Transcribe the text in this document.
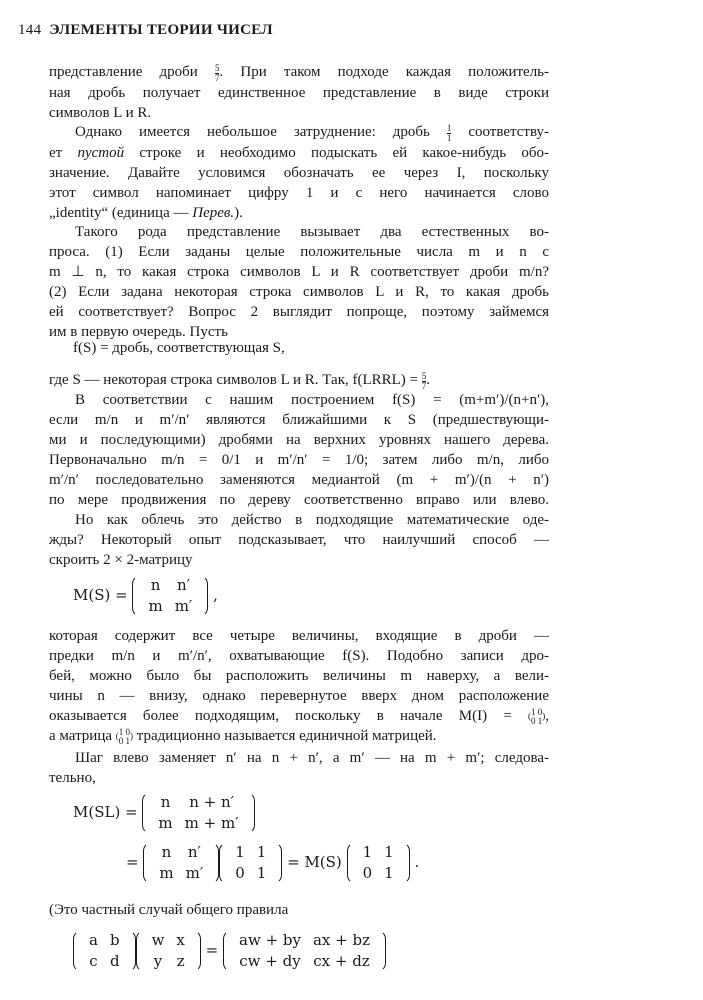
144 ЭЛЕМЕНТЫ ТЕОРИИ ЧИСЕЛ
представление дроби $\frac{5}{7}$ . При таком подходе каждая положитель-
ная дробь получает единственное представление в виде строки
символов L и R.
Однако имеется небольшое затруднение: дробь $\frac{1}{1}$ соответству-
ет пустой строке и необходимо подыскать ей какое-нибудь обо-
значение. Давайте условимся обозначать ее через I, поскольку
этот символ напоминает цифру 1 и с него начинается слово
„identity“ (единица — Перев.).
Такого рода представление вызывает два естественных во-
проса. (1) Если заданы целые положительные числа m и n с
m ⊥ n, то какая строка символов L и R соответствует дроби m/n?
(2) Если задана некоторая строка символов L и R, то какая дробь
ей соответствует? Вопрос 2 выглядит попроще, поэтому займемся
им в первую очередь. Пусть
f(S) = дробь, соответствующая S,
где S — некоторая строка символов L и R. Так, f(LRRL) = $\frac{5}{7}$ .
В соответствии с нашим построением f(S) = (m+m′)/(n+n′),
если m/n и m′/n′ являются ближайшими к S (предшествующи-
ми и последующими) дробями на верхних уровнях нашего дерева.
Первоначально m/n = 0/1 и m′/n′ = 1/0; затем либо m/n, либо
m′/n′ последовательно заменяются медиантой (m + m′)/(n + n′)
по мере продвижения по дереву соответственно вправо или влево.
Но как облечь это действо в подходящие математические оде-
жды? Некоторый опыт подсказывает, что наилучший способ —
скроить 2 × 2-матрицу
M(S) =
n	n′
m	m′
,
которая содержит все четыре величины, входящие в дроби —
предки m/n и m′/n′, охватывающие f(S). Подобно записи дро-
бей, можно было бы расположить величины m наверху, а вели-
чины n — внизу, однако перевернутое вверх дном расположение
оказывается более подходящим, поскольку в начале M(I) = ( 1 0
0 1 ),
а матрица ( 1 0
0 1 ) традиционно называется единичной матрицей.
Шаг влево заменяет n′ на n + n′, а m′ — на m + m′; следова-
тельно,
M(SL) =
n	n + n′
m	m + m′
=
n	n′
m	m′
1	1
0	1
= M(S)
1	1
0	1
.
(Это частный случай общего правила
a	b
c	d
w	x
y	z
=
aw + by	ax + bz
cw + dy	cx + dz
